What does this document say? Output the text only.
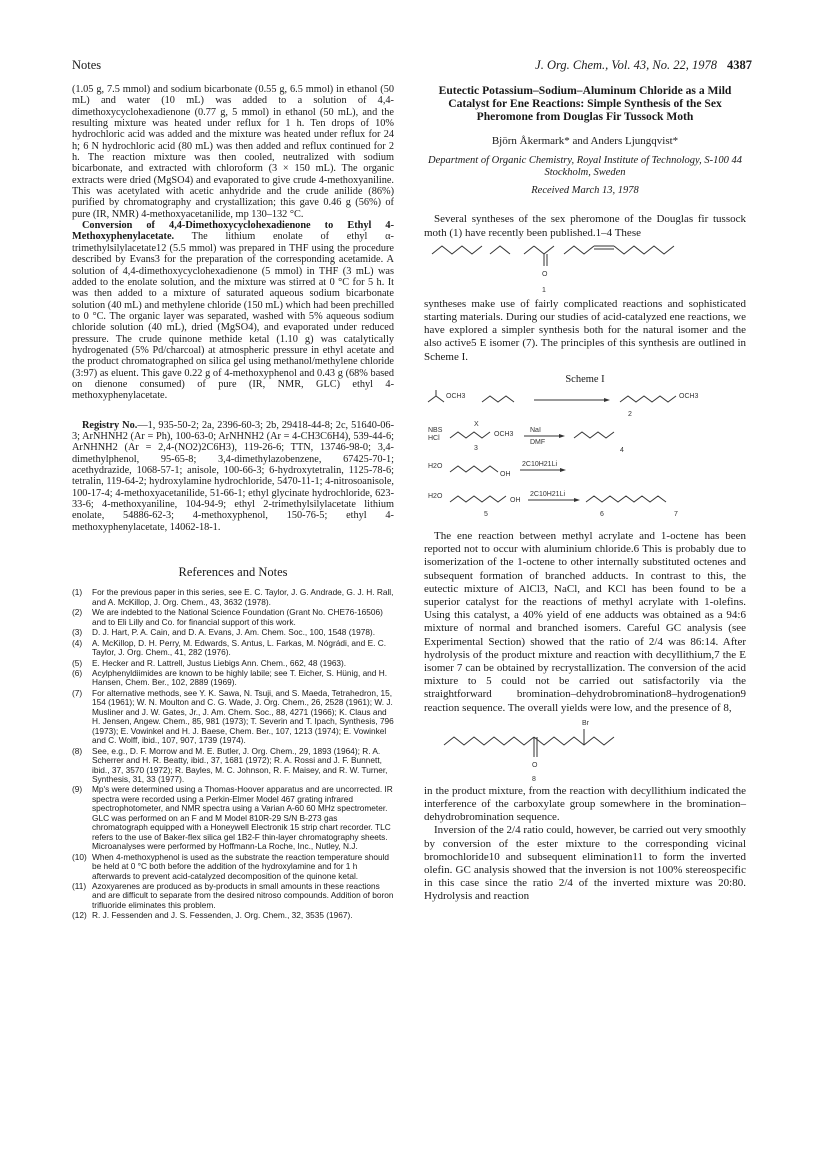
Notes	J. Org. Chem., Vol. 43, No. 22, 1978 4387

(1.05 g, 7.5 mmol) and sodium bicarbonate (0.55 g, 6.5 mmol) in ethanol (50 mL) and water (10 mL) was added to a solution of 4,4-dimethoxycyclohexadienone (0.77 g, 5 mmol) in ethanol (50 mL), and the resulting mixture was heated under reflux for 1 h. Ten drops of 10% hydrochloric acid was added and the mixture was heated under reflux for 24 h; 6 N hydrochloric acid (80 mL) was then added and reflux continued for 2 h. The reaction mixture was then cooled, neutralized with sodium bicarbonate, and extracted with chloroform (3 × 150 mL). The organic extracts were dried (MgSO4) and evaporated to give crude 4-methoxyaniline. This was acetylated with acetic anhydride and the crude anilide (86%) purified by chromatography and crystallization; this gave 0.46 g (56%) of pure (IR, NMR) 4-methoxyacetanilide, mp 130–132 °C.

Conversion of 4,4-Dimethoxycyclohexadienone to Ethyl 4-Methoxyphenylacetate. The lithium enolate of ethyl α-trimethylsilylacetate12 (5.5 mmol) was prepared in THF using the procedure described by Evans3 for the preparation of the corresponding acetamide. A solution of 4,4-dimethoxycyclohexadienone (5 mmol) in THF (3 mL) was added to the enolate solution, and the mixture was stirred at 0 °C for 5 h. It was then added to a mixture of saturated aqueous sodium bicarbonate solution (40 mL) and methylene chloride (150 mL) which had been prechilled to 0 °C. The organic layer was separated, washed with 5% aqueous sodium chloride solution (40 mL), dried (MgSO4), and evaporated under reduced pressure. The crude quinone methide ketal (1.10 g) was catalytically hydrogenated (5% Pd/charcoal) at atmospheric pressure in ethyl acetate and the product chromatographed on silica gel using methanol/methylene chloride (3:97) as eluent. This gave 0.22 g of 4-methoxyphenol and 0.43 g (68% based on dienone consumed) of pure (IR, NMR, GLC) ethyl 4-methoxyphenylacetate.

Registry No.—1, 935-50-2; 2a, 2396-60-3; 2b, 29418-44-8; 2c, 51640-06-3; ArNHNH2 (Ar = Ph), 100-63-0; ArNHNH2 (Ar = 4-CH3C6H4), 539-44-6; ArNHNH2 (Ar = 2,4-(NO2)2C6H3), 119-26-6; TTN, 13746-98-0; 3,4-dimethylphenol, 95-65-8; 3,4-dimethylazobenzene, 67425-70-1; acethydrazide, 1068-57-1; anisole, 100-66-3; 6-hydroxytetralin, 1125-78-6; tetralin, 119-64-2; hydroxylamine hydrochloride, 5470-11-1; 4-nitrosoanisole, 100-17-4; 4-methoxyacetanilide, 51-66-1; ethyl glycinate hydrochloride, 623-33-6; 4-methoxyaniline, 104-94-9; ethyl 2-trimethylsilylacetate lithium enolate, 54886-62-3; 4-methoxyphenol, 150-76-5; ethyl 4-methoxyphenylacetate, 14062-18-1.

References and Notes
(1)	For the previous paper in this series, see E. C. Taylor, J. G. Andrade, G. J. H. Rall, and A. McKillop, J. Org. Chem., 43, 3632 (1978).
(2)	We are indebted to the National Science Foundation (Grant No. CHE76-16506) and to Eli Lilly and Co. for financial support of this work.
(3)	D. J. Hart, P. A. Cain, and D. A. Evans, J. Am. Chem. Soc., 100, 1548 (1978).
(4)	A. McKillop, D. H. Perry, M. Edwards, S. Antus, L. Farkas, M. Nógrádi, and E. C. Taylor, J. Org. Chem., 41, 282 (1976).
(5)	E. Hecker and R. Lattrell, Justus Liebigs Ann. Chem., 662, 48 (1963).
(6)	Acylphenyldiimides are known to be highly labile; see T. Eicher, S. Hünig, and H. Hansen, Chem. Ber., 102, 2889 (1969).
(7)	For alternative methods, see Y. K. Sawa, N. Tsuji, and S. Maeda, Tetrahedron, 15, 154 (1961); W. N. Moulton and C. G. Wade, J. Org. Chem., 26, 2528 (1961); W. J. Musliner and J. W. Gates, Jr., J. Am. Chem. Soc., 88, 4271 (1966); K. Claus and H. Jensen, Angew. Chem., 85, 981 (1973); T. Severin and T. Ipach, Synthesis, 796 (1973); E. Vowinkel and H. J. Baese, Chem. Ber., 107, 1213 (1974); E. Vowinkel and C. Wolff, ibid., 107, 907, 1739 (1974).
(8)	See, e.g., D. F. Morrow and M. E. Butler, J. Org. Chem., 29, 1893 (1964); R. A. Scherrer and H. R. Beatty, ibid., 37, 1681 (1972); R. A. Rossi and J. F. Bunnett, ibid., 37, 3570 (1972); R. Bayles, M. C. Johnson, R. F. Maisey, and R. W. Turner, Synthesis, 31, 33 (1977).
(9)	Mp's were determined using a Thomas-Hoover apparatus and are uncorrected. IR spectra were recorded using a Perkin-Elmer Model 467 grating infrared spectrophotometer, and NMR spectra using a Varian A-60 60 MHz spectrometer. GLC was performed on an F and M Model 810R-29 S/N B-273 gas chromatograph equipped with a Honeywell Electronik 15 strip chart recorder. TLC refers to the use of Baker-flex silica gel 1B2-F thin-layer chromatography sheets. Microanalyses were performed by Hoffmann-La Roche, Inc., Nutley, N.J.
(10) When 4-methoxyphenol is used as the substrate the reaction temperature should be held at 0 °C both before the addition of the hydroxylamine and for 1 h afterwards to prevent acid-catalyzed decomposition of the quinone ketal.
(11) Azoxyarenes are produced as by-products in small amounts in these reactions and are difficult to separate from the desired nitroso compounds. Addition of boron trifluoride eliminates this problem.
(12) R. J. Fessenden and J. S. Fessenden, J. Org. Chem., 32, 3535 (1967).
Eutectic Potassium–Sodium–Aluminum Chloride as a Mild Catalyst for Ene Reactions: Simple Synthesis of the Sex Pheromone from Douglas Fir Tussock Moth
Björn Åkermark* and Anders Ljungqvist*
Department of Organic Chemistry, Royal Institute of Technology, S-100 44 Stockholm, Sweden
Received March 13, 1978

Several syntheses of the sex pheromone of the Douglas fir tussock moth (1) have recently been published.1–4 These

O
1

syntheses make use of fairly complicated reactions and sophisticated starting materials. During our studies of acid-catalyzed ene reactions, we have explored a simpler synthesis both for the natural isomer and the also active5 E isomer (7). The principles of this synthesis are outlined in Scheme I.

Scheme I
OCH3	OCH3
2
NBS
HCl
X
3
OCH3
NaI
DMF
4
H2O
OH
2C10H21Li
H2O
OH
5
2C10H21Li
6	7

The ene reaction between methyl acrylate and 1-octene has been reported not to occur with aluminium chloride.6 This is probably due to isomerization of the 1-octene to other internally substituted octenes and subsequent formation of branched adducts. In contrast to this, the eutectic mixture of AlCl3, NaCl, and KCl has been found to be a superior catalyst for the reactions of methyl acrylate with 1-olefins. Using this catalyst, a 40% yield of ene adducts was obtained as a 94:6 mixture of normal and branched isomers. Careful GC analysis (see Experimental Section) showed that the ratio of 2/4 was 86:14. After hydrolysis of the product mixture and reaction with decyllithium,7 the E isomer 7 can be obtained by recrystallization. The conversion of the acid mixture to 5 could not be carried out satisfactorily via the straightforward bromination–dehydrobromination8–hydrogenation9 reaction sequence. The overall yields were low, and the presence of 8,

Br
O
8

in the product mixture, from the reaction with decyllithium indicated the interference of the carboxylate group somewhere in the bromination–dehydrobromination sequence.

Inversion of the 2/4 ratio could, however, be carried out very smoothly by conversion of the ester mixture to the corresponding vicinal bromochloride10 and subsequent elimination11 to form the inverted olefin. GC analysis showed that the inversion is not 100% stereospecific in this case since the ratio 2/4 of the inverted mixture was 20:80. Hydrolysis and reaction
